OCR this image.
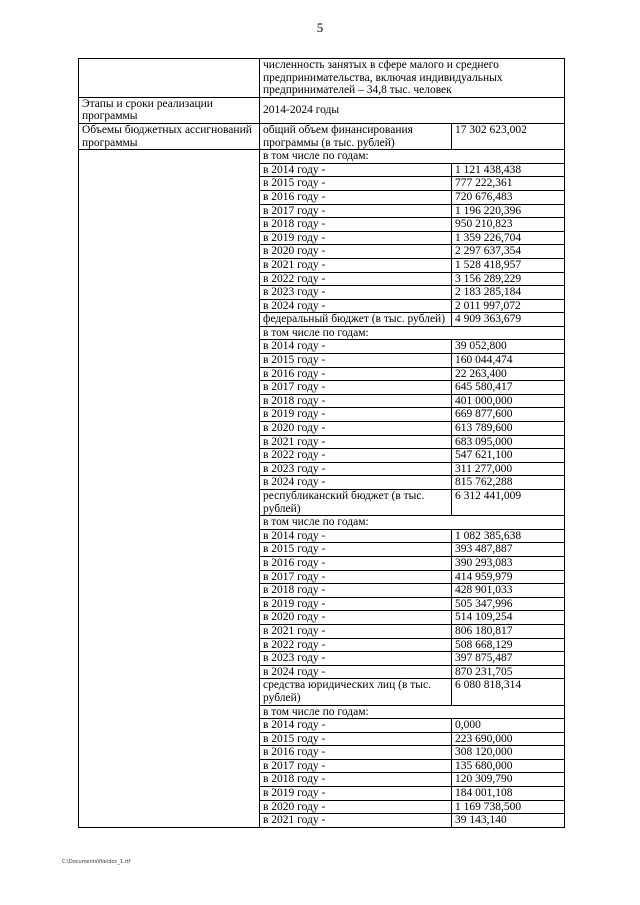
5
	численность занятых в сфере малого и среднего предпринимательства, включая индивидуальных предпринимателей – 34,8 тыс. человек	
Этапы и сроки реализации программы	2014-2024 годы	
Объемы бюджетных ассигнований программы	общий объем финансирования программы (в тыс. рублей)	17 302 623,002
	в том числе по годам:	
	в 2014 году -	1 121 438,438
	в 2015 году -	777 222,361
	в 2016 году -	720 676,483
	в 2017 году -	1 196 220,396
	в 2018 году -	950 210,823
	в 2019 году -	1 359 226,704
	в 2020 году -	2 297 637,354
	в 2021 году -	1 528 418,957
	в 2022 году -	3 156 289,229
	в 2023 году -	2 183 285,184
	в 2024 году -	2 011 997,072
	федеральный бюджет (в тыс. рублей)	4 909 363,679
	в том числе по годам:	
	в 2014 году -	39 052,800
	в 2015 году -	160 044,474
	в 2016 году -	22 263,400
	в 2017 году -	645 580,417
	в 2018 году -	401 000,000
	в 2019 году -	669 877,600
	в 2020 году -	613 789,600
	в 2021 году -	683 095,000
	в 2022 году -	547 621,100
	в 2023 году -	311 277,000
	в 2024 году -	815 762,288
	республиканский бюджет (в тыс. рублей)	6 312 441,009
	в том числе по годам:	
	в 2014 году -	1 082 385,638
	в 2015 году -	393 487,887
	в 2016 году -	390 293,083
	в 2017 году -	414 959,979
	в 2018 году -	428 901,033
	в 2019 году -	505 347,996
	в 2020 году -	514 109,254
	в 2021 году -	806 180,817
	в 2022 году -	508 668,129
	в 2023 году -	397 875,487
	в 2024 году -	870 231,705
	средства юридических лиц (в тыс. рублей)	6 080 818,314
	в том числе по годам:	
	в 2014 году -	0,000
	в 2015 году -	223 690,000
	в 2016 году -	308 120,000
	в 2017 году -	135 680,000
	в 2018 году -	120 309,790
	в 2019 году -	184 001,108
	в 2020 году -	1 169 738,500
	в 2021 году -	39 143,140
C:\Documents\file\doc_1.rtf
